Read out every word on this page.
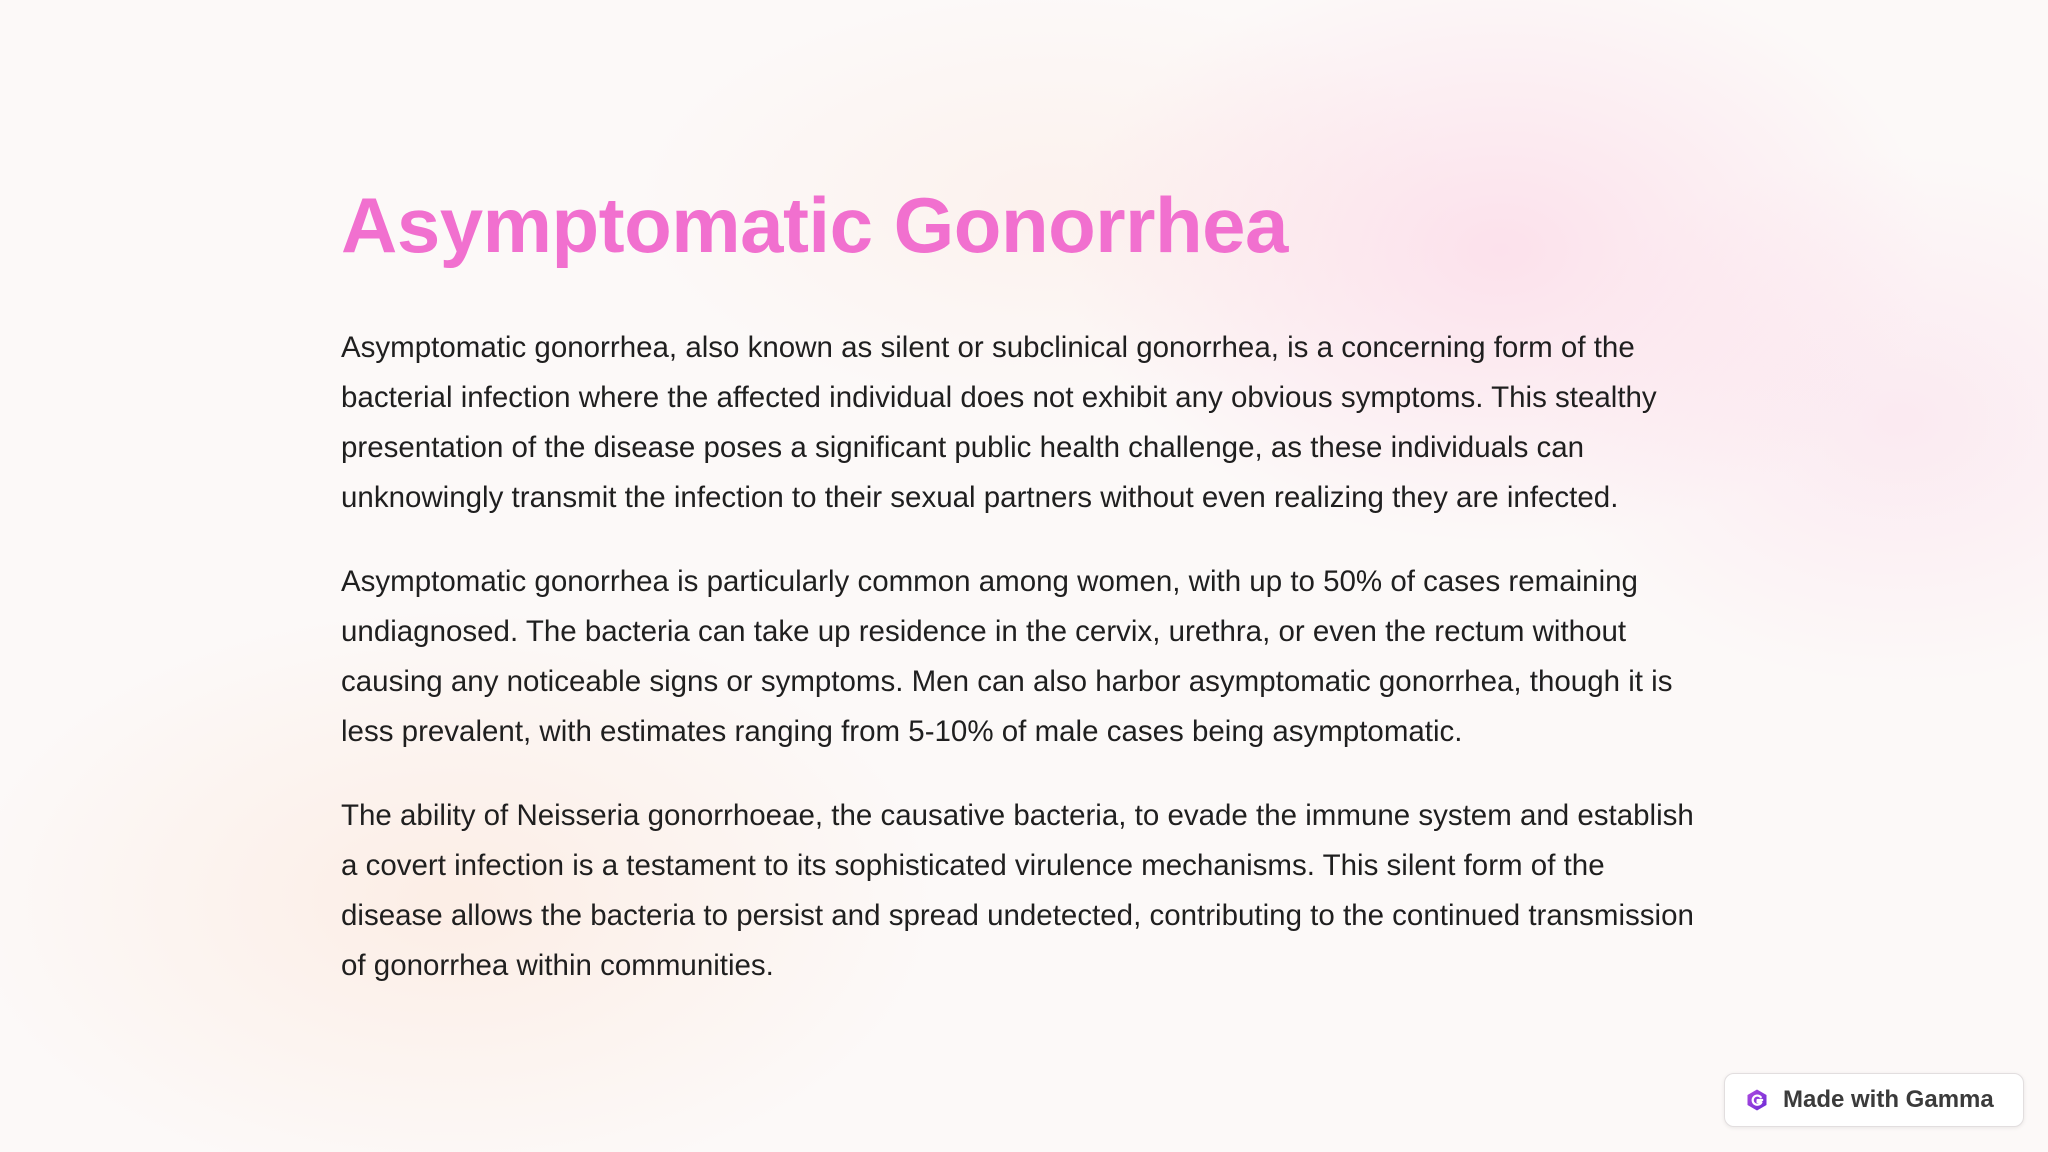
Asymptomatic Gonorrhea

Asymptomatic gonorrhea, also known as silent or subclinical gonorrhea, is a concerning form of the bacterial infection where the affected individual does not exhibit any obvious symptoms. This stealthy presentation of the disease poses a significant public health challenge, as these individuals can unknowingly transmit the infection to their sexual partners without even realizing they are infected.

Asymptomatic gonorrhea is particularly common among women, with up to 50% of cases remaining undiagnosed. The bacteria can take up residence in the cervix, urethra, or even the rectum without causing any noticeable signs or symptoms. Men can also harbor asymptomatic gonorrhea, though it is less prevalent, with estimates ranging from 5-10% of male cases being asymptomatic.

The ability of Neisseria gonorrhoeae, the causative bacteria, to evade the immune system and establish a covert infection is a testament to its sophisticated virulence mechanisms. This silent form of the disease allows the bacteria to persist and spread undetected, contributing to the continued transmission of gonorrhea within communities.

Made with Gamma
